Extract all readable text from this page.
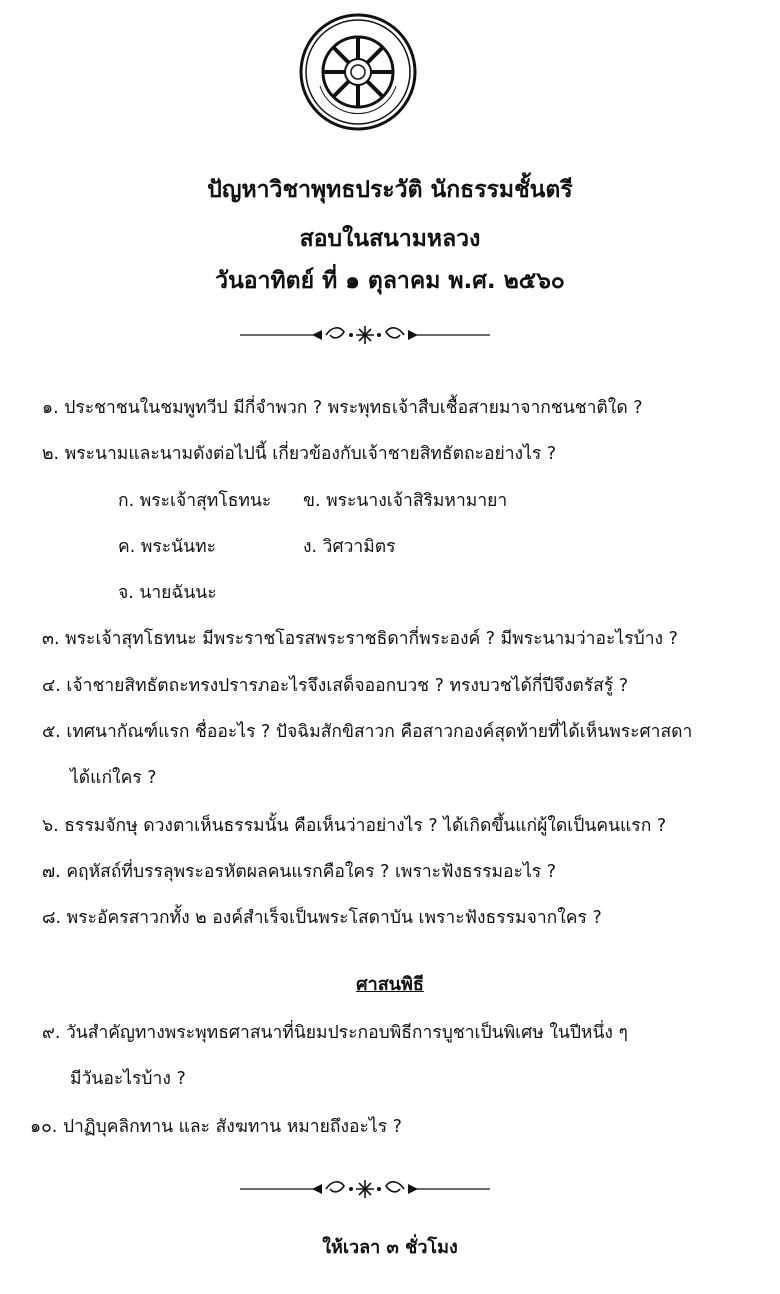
ปัญหาวิชาพุทธประวัติ นักธรรมชั้นตรี
สอบในสนามหลวง
วันอาทิตย์ ที่ ๑ ตุลาคม พ.ศ. ๒๕๖๐
๑. ประชาชนในชมพูทวีป มีกี่จำพวก ? พระพุทธเจ้าสืบเชื้อสายมาจากชนชาติใด ?
๒. พระนามและนามดังต่อไปนี้ เกี่ยวข้องกับเจ้าชายสิทธัตถะอย่างไร ?
ก. พระเจ้าสุทโธทนะ ข. พระนางเจ้าสิริมหามายา
ค. พระนันทะ	ง. วิศวามิตร
จ. นายฉันนะ
๓. พระเจ้าสุทโธทนะ มีพระราชโอรสพระราชธิดากี่พระองค์ ? มีพระนามว่าอะไรบ้าง ?
๔. เจ้าชายสิทธัตถะทรงปรารภอะไรจึงเสด็จออกบวช ? ทรงบวชได้กี่ปีจึงตรัสรู้ ?
๕. เทศนากัณฑ์แรก ชื่ออะไร ? ปัจฉิมสักขิสาวก คือสาวกองค์สุดท้ายที่ได้เห็นพระศาสดา
ได้แก่ใคร ?
๖. ธรรมจักษุ ดวงตาเห็นธรรมนั้น คือเห็นว่าอย่างไร ? ได้เกิดขึ้นแก่ผู้ใดเป็นคนแรก ?
๗. คฤหัสถ์ที่บรรลุพระอรหัตผลคนแรกคือใคร ? เพราะฟังธรรมอะไร ?
๘. พระอัครสาวกทั้ง ๒ องค์สำเร็จเป็นพระโสดาบัน เพราะฟังธรรมจากใคร ?
ศาสนพิธี
๙. วันสำคัญทางพระพุทธศาสนาที่นิยมประกอบพิธีการบูชาเป็นพิเศษ ในปีหนึ่ง ๆ
มีวันอะไรบ้าง ?
๑๐. ปาฏิบุคลิกทาน และ สังฆทาน หมายถึงอะไร ?
ให้เวลา ๓ ชั่วโมง
